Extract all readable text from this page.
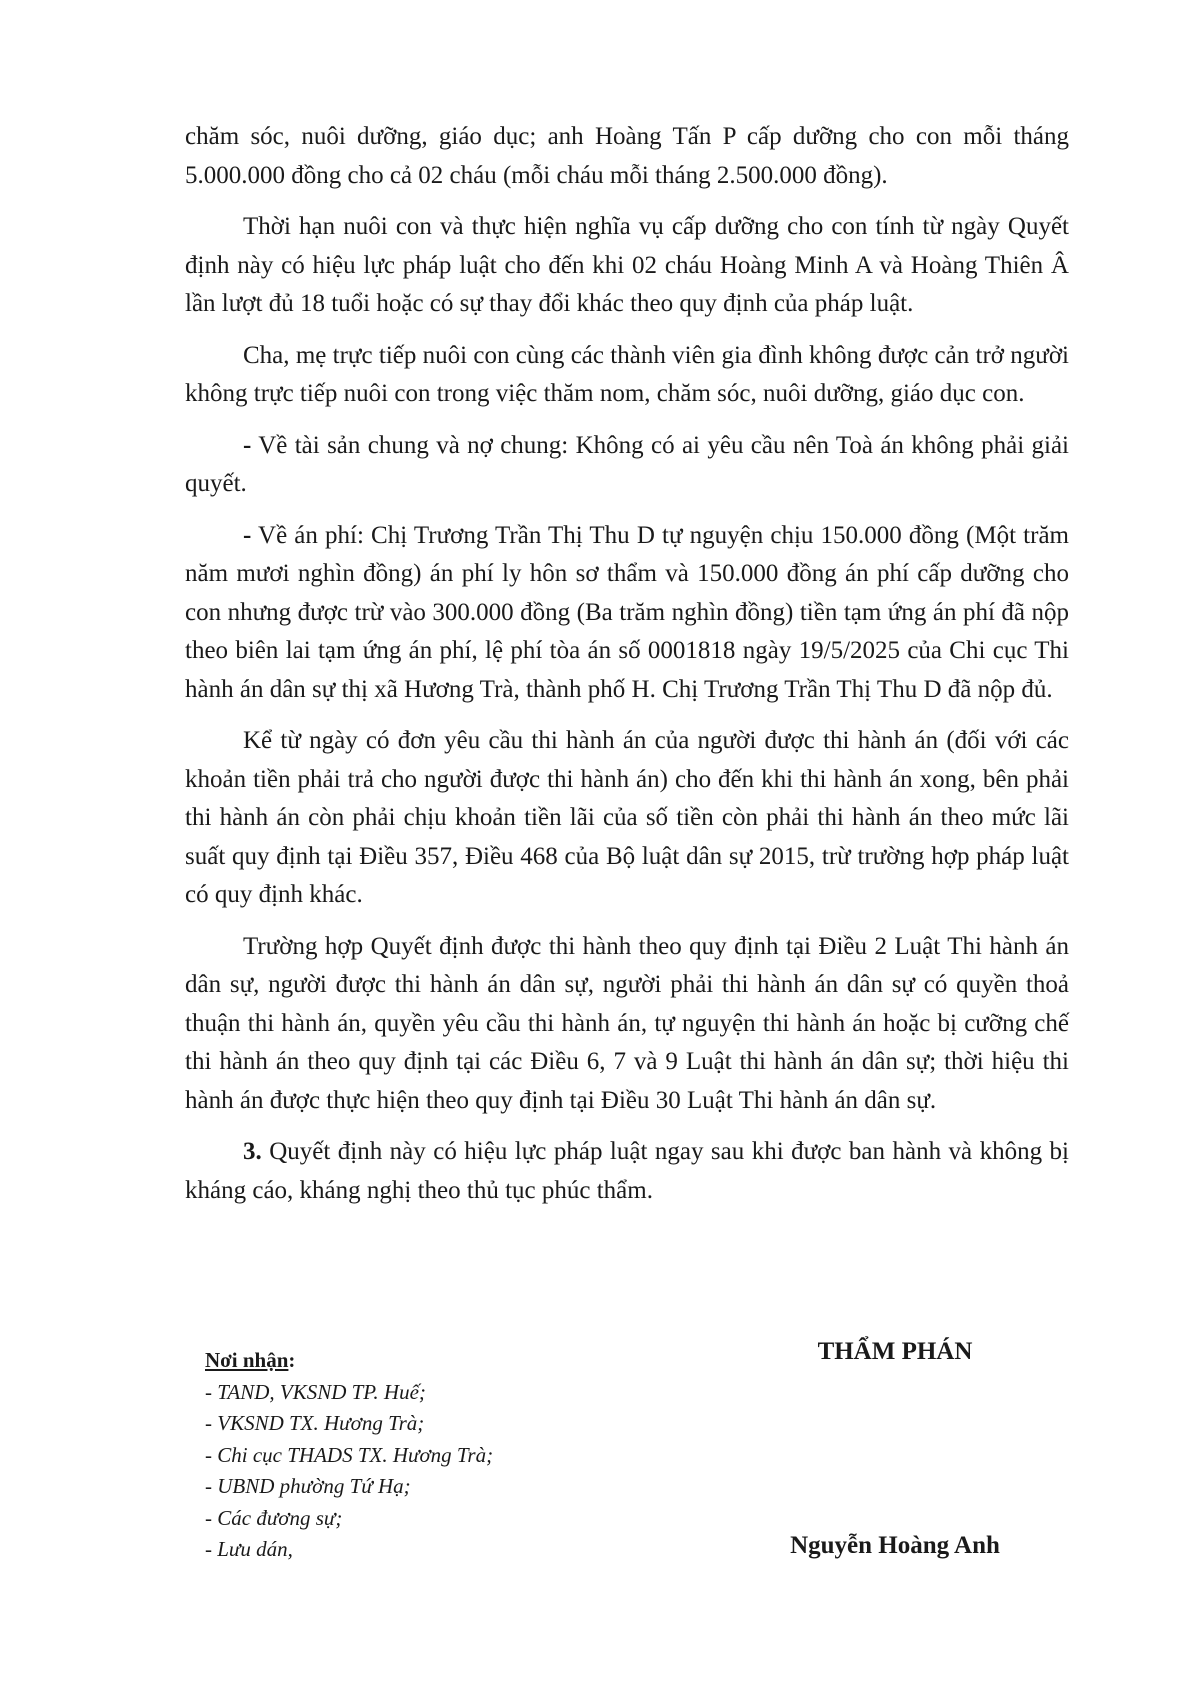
chăm sóc, nuôi dưỡng, giáo dục; anh Hoàng Tấn P cấp dưỡng cho con mỗi tháng 5.000.000 đồng cho cả 02 cháu (mỗi cháu mỗi tháng 2.500.000 đồng).

Thời hạn nuôi con và thực hiện nghĩa vụ cấp dưỡng cho con tính từ ngày Quyết định này có hiệu lực pháp luật cho đến khi 02 cháu Hoàng Minh A và Hoàng Thiên Â lần lượt đủ 18 tuổi hoặc có sự thay đổi khác theo quy định của pháp luật.

Cha, mẹ trực tiếp nuôi con cùng các thành viên gia đình không được cản trở người không trực tiếp nuôi con trong việc thăm nom, chăm sóc, nuôi dưỡng, giáo dục con.

- Về tài sản chung và nợ chung: Không có ai yêu cầu nên Toà án không phải giải quyết.

- Về án phí: Chị Trương Trần Thị Thu D tự nguyện chịu 150.000 đồng (Một trăm năm mươi nghìn đồng) án phí ly hôn sơ thẩm và 150.000 đồng án phí cấp dưỡng cho con nhưng được trừ vào 300.000 đồng (Ba trăm nghìn đồng) tiền tạm ứng án phí đã nộp theo biên lai tạm ứng án phí, lệ phí tòa án số 0001818 ngày 19/5/2025 của Chi cục Thi hành án dân sự thị xã Hương Trà, thành phố H. Chị Trương Trần Thị Thu D đã nộp đủ.

Kể từ ngày có đơn yêu cầu thi hành án của người được thi hành án (đối với các khoản tiền phải trả cho người được thi hành án) cho đến khi thi hành án xong, bên phải thi hành án còn phải chịu khoản tiền lãi của số tiền còn phải thi hành án theo mức lãi suất quy định tại Điều 357, Điều 468 của Bộ luật dân sự 2015, trừ trường hợp pháp luật có quy định khác.

Trường hợp Quyết định được thi hành theo quy định tại Điều 2 Luật Thi hành án dân sự, người được thi hành án dân sự, người phải thi hành án dân sự có quyền thoả thuận thi hành án, quyền yêu cầu thi hành án, tự nguyện thi hành án hoặc bị cưỡng chế thi hành án theo quy định tại các Điều 6, 7 và 9 Luật thi hành án dân sự; thời hiệu thi hành án được thực hiện theo quy định tại Điều 30 Luật Thi hành án dân sự.

3. Quyết định này có hiệu lực pháp luật ngay sau khi được ban hành và không bị kháng cáo, kháng nghị theo thủ tục phúc thẩm.

Nơi nhận:
- TAND, VKSND TP. Huế;
- VKSND TX. Hương Trà;
- Chi cục THADS TX. Hương Trà;
- UBND phường Tứ Hạ;
- Các đương sự;
- Lưu dán,
THẨM PHÁN
Nguyễn Hoàng Anh
